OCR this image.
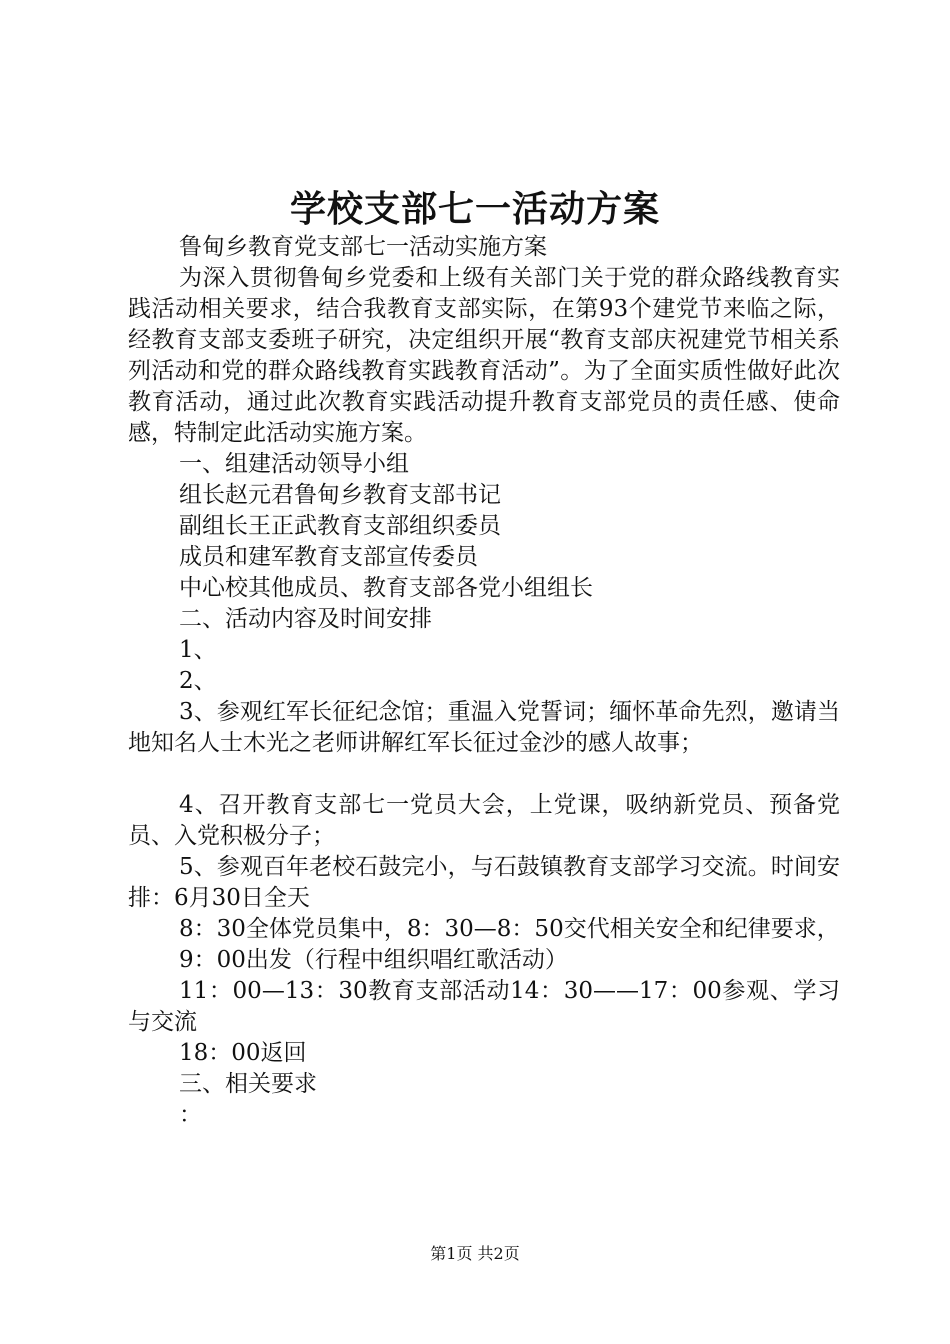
学校支部七一活动方案

鲁甸乡教育党支部七一活动实施方案

为深入贯彻鲁甸乡党委和上级有关部门关于党的群众路线教育实践活动相关要求，结合我教育支部实际，在第93个建党节来临之际，经教育支部支委班子研究，决定组织开展“教育支部庆祝建党节相关系列活动和党的群众路线教育实践教育活动”。为了全面实质性做好此次教育活动，通过此次教育实践活动提升教育支部党员的责任感、使命感，特制定此活动实施方案。

一、组建活动领导小组

组长赵元君鲁甸乡教育支部书记

副组长王正武教育支部组织委员

成员和建军教育支部宣传委员

中心校其他成员、教育支部各党小组组长

二、活动内容及时间安排

1、

2、

3、参观红军长征纪念馆；重温入党誓词；缅怀革命先烈，邀请当地知名人士木光之老师讲解红军长征过金沙的感人故事；

4、召开教育支部七一党员大会，上党课，吸纳新党员、预备党员、入党积极分子；

5、参观百年老校石鼓完小，与石鼓镇教育支部学习交流。时间安排：6月30日全天

8：30全体党员集中，8：30—8：50交代相关安全和纪律要求，

9：00出发（行程中组织唱红歌活动）

11：00—13：30教育支部活动14：30——17：00参观、学习与交流

18：00返回

三、相关要求

：

第1页 共2页
